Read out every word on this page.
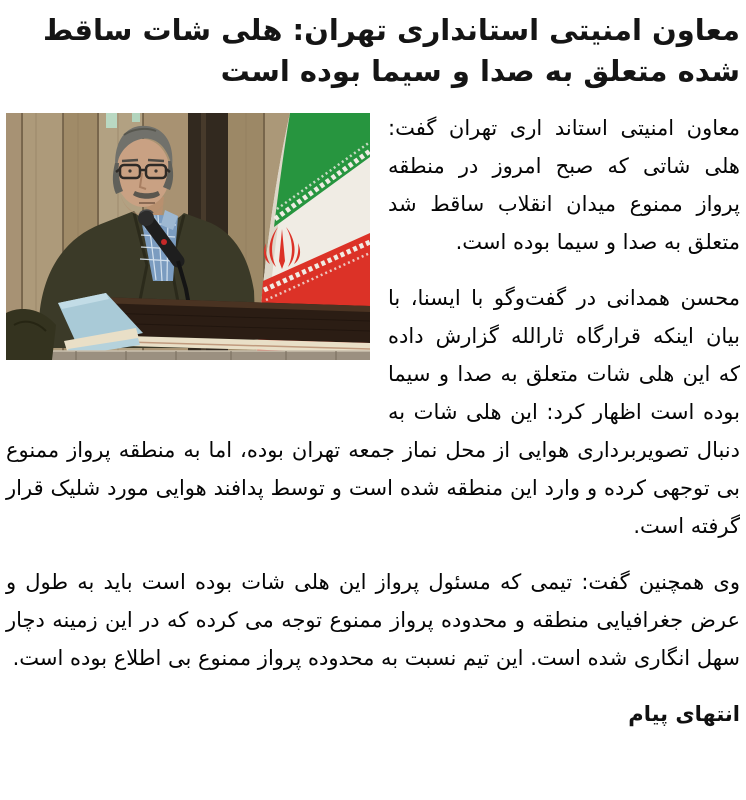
معاون امنیتی استانداری تهران: هلی شات ساقط شده متعلق به صدا و سیما بوده است

معاون امنیتی استاند اری تهران گفت: هلی شاتی که صبح امروز در منطقه پرواز ممنوع میدان انقلاب ساقط شد متعلق به صدا و سیما بوده است.

محسن همدانی در گفت‌وگو با ایسنا، با بیان اینکه قرارگاه ثارالله گزارش داده که این هلی شات متعلق به صدا و سیما بوده است اظهار کرد: این هلی شات به دنبال تصویربرداری هوایی از محل نماز جمعه تهران بوده، اما به منطقه پرواز ممنوع بی توجهی کرده و وارد این منطقه شده است و توسط پدافند هوایی مورد شلیک قرار گرفته است.

وی همچنین گفت: تیمی که مسئول پرواز این هلی شات بوده است باید به طول و عرض جغرافیایی منطقه و محدوده پرواز ممنوع توجه می کرده که در این زمینه دچار سهل انگاری شده است. این تیم نسبت به محدوده پرواز ممنوع بی اطلاع بوده است.

انتهای پیام
